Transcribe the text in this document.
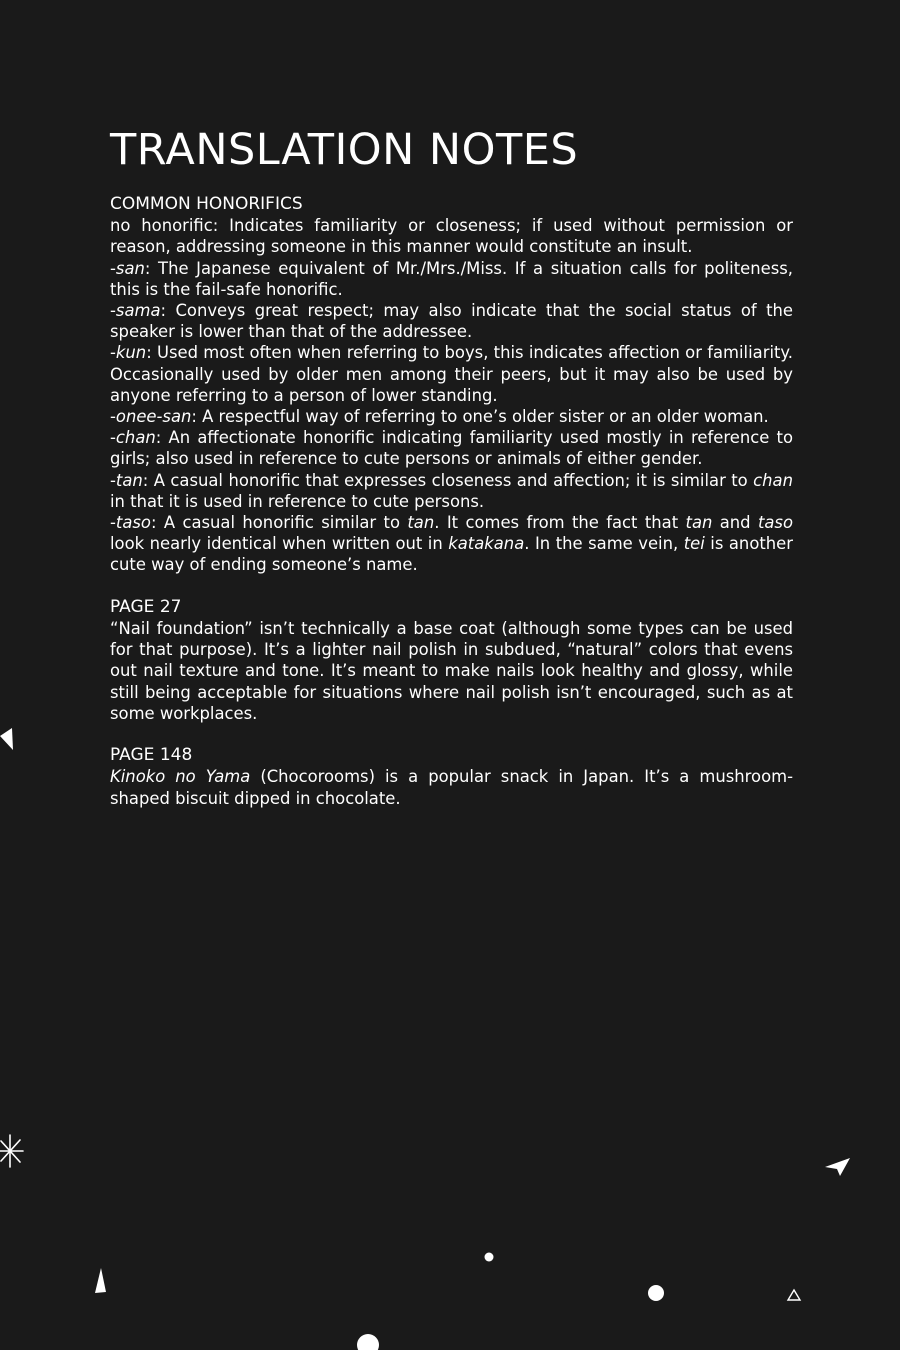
TRANSLATION NOTES
COMMON HONORIFICS

no honorific: Indicates familiarity or closeness; if used without permission or reason, addressing someone in this manner would constitute an insult.

-san: The Japanese equivalent of Mr./Mrs./Miss. If a situation calls for politeness, this is the fail-safe honorific.

-sama: Conveys great respect; may also indicate that the social status of the speaker is lower than that of the addressee.

-kun: Used most often when referring to boys, this indicates affection or familiarity. Occasionally used by older men among their peers, but it may also be used by anyone referring to a person of lower standing.

-onee-san: A respectful way of referring to one’s older sister or an older woman.

-chan: An affectionate honorific indicating familiarity used mostly in reference to girls; also used in reference to cute persons or animals of either gender.

-tan: A casual honorific that expresses closeness and affection; it is similar to chan in that it is used in reference to cute persons.

-taso: A casual honorific similar to tan. It comes from the fact that tan and taso look nearly identical when written out in katakana. In the same vein, tei is another cute way of ending someone’s name.

PAGE 27

“Nail foundation” isn’t technically a base coat (although some types can be used for that purpose). It’s a lighter nail polish in subdued, “natural” colors that evens out nail texture and tone. It’s meant to make nails look healthy and glossy, while still being acceptable for situations where nail polish isn’t encouraged, such as at some workplaces.

PAGE 148

Kinoko no Yama (Chocorooms) is a popular snack in Japan. It’s a mushroom-shaped biscuit dipped in chocolate.
